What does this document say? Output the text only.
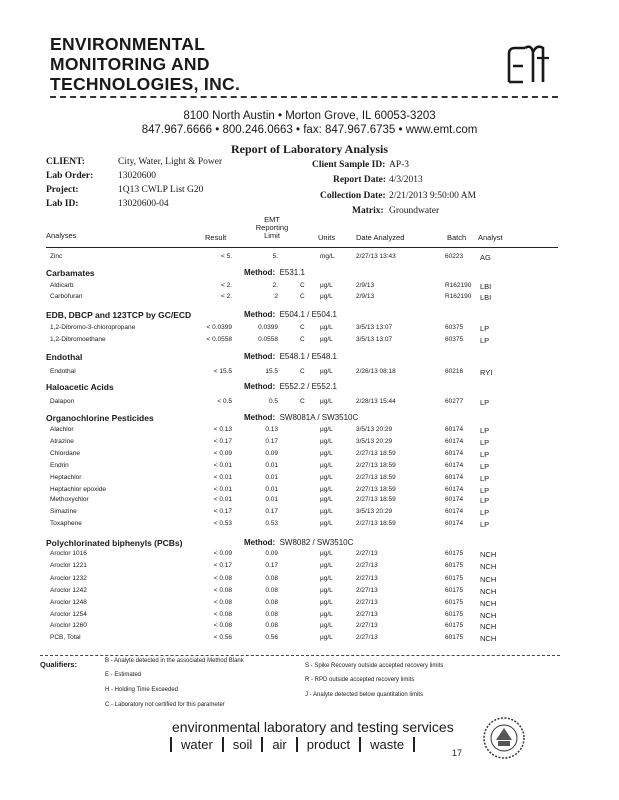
ENVIRONMENTAL
MONITORING AND
TECHNOLOGIES, INC.
8100 North Austin • Morton Grove, IL 60053-3203
847.967.6666 • 800.246.0663 • fax: 847.967.6735 • www.emt.com
Report of Laboratory Analysis
CLIENT:	City, Water, Light & Power
Lab Order:	13020600
Project:	1Q13 CWLP List G20
Lab ID:	13020600-04
Client Sample ID: AP-3
Report Date: 4/3/2013
Collection Date: 2/21/2013 9:50:00 AM
Matrix: Groundwater
Analyses	Result
EMT
Reporting
Limit	Units	Date Analyzed	Batch Analyst
Zinc	< 5.	5.	mg/L	2/27/13 13:43	60223 AG
Carbamates	Method: E531.1
Aldicarb	< 2.	2.	C µg/L	2/9/13	R162190 LBI
Carbofuran	< 2.	2	C µg/L	2/9/13	R162190 LBI
EDB, DBCP and 123TCP by GC/ECD	Method: E504.1 / E504.1
1,2-Dibromo-3-chloropropane	< 0.0399	0.0399	C µg/L	3/5/13 13:07	60375 LP
1,2-Dibromoethane	< 0.0558	0.0558	C µg/L	3/5/13 13:07	60375 LP
Endothal	Method: E548.1 / E548.1
Endothal	< 15.5	15.5	C µg/L	2/26/13 08:18	60216 RYI
Haloacetic Acids	Method: E552.2 / E552.1
Dalapon	< 0.5	0.5	C µg/L	2/28/13 15:44	60277 LP
Organochlorine Pesticides	Method: SW8081A / SW3510C
Alachlor	< 0.13	0.13	µg/L	3/5/13 20:29	60174 LP
Atrazine	< 0.17	0.17	µg/L	3/5/13 20:29	60174 LP
Chlordane	< 0.09	0.09	µg/L	2/27/13 18:59	60174 LP
Endrin	< 0.01	0.01	µg/L	2/27/13 18:59	60174 LP
Heptachlor	< 0.01	0.01	µg/L	2/27/13 18:59	60174 LP
Heptachlor epoxide	< 0.01	0.01	µg/L	2/27/13 18:59	60174 LP
Methoxychlor	< 0.01	0.01	µg/L	2/27/13 18:59	60174 LP
Simazine	< 0.17	0.17	µg/L	3/5/13 20:29	60174 LP
Toxaphene	< 0.53	0.53	µg/L	2/27/13 18:59	60174 LP
Polychlorinated biphenyls (PCBs)	Method: SW8082 / SW3510C
Aroclor 1016	< 0.09	0.09	µg/L	2/27/13	60175 NCH
Aroclor 1221	< 0.17	0.17	µg/L	2/27/13	60175 NCH
Aroclor 1232	< 0.08	0.08	µg/L	2/27/13	60175 NCH
Aroclor 1242	< 0.08	0.08	µg/L	2/27/13	60175 NCH
Aroclor 1248	< 0.08	0.08	µg/L	2/27/13	60175 NCH
Aroclor 1254	< 0.08	0.08	µg/L	2/27/13	60175 NCH
Aroclor 1260	< 0.08	0.08	µg/L	2/27/13	60175 NCH
PCB, Total	< 0.56	0.56	µg/L	2/27/13	60175 NCH
Qualifiers:	B - Analyte detected in the associated Method Blank
E - Estimated
H - Holding Time Exceeded
C - Laboratory not certified for this parameter
S - Spike Recovery outside accepted recovery limits
R - RPD outside accepted recovery limits
J - Analyte detected below quantitation limits
environmental laboratory and testing services
water soil air product waste
17
